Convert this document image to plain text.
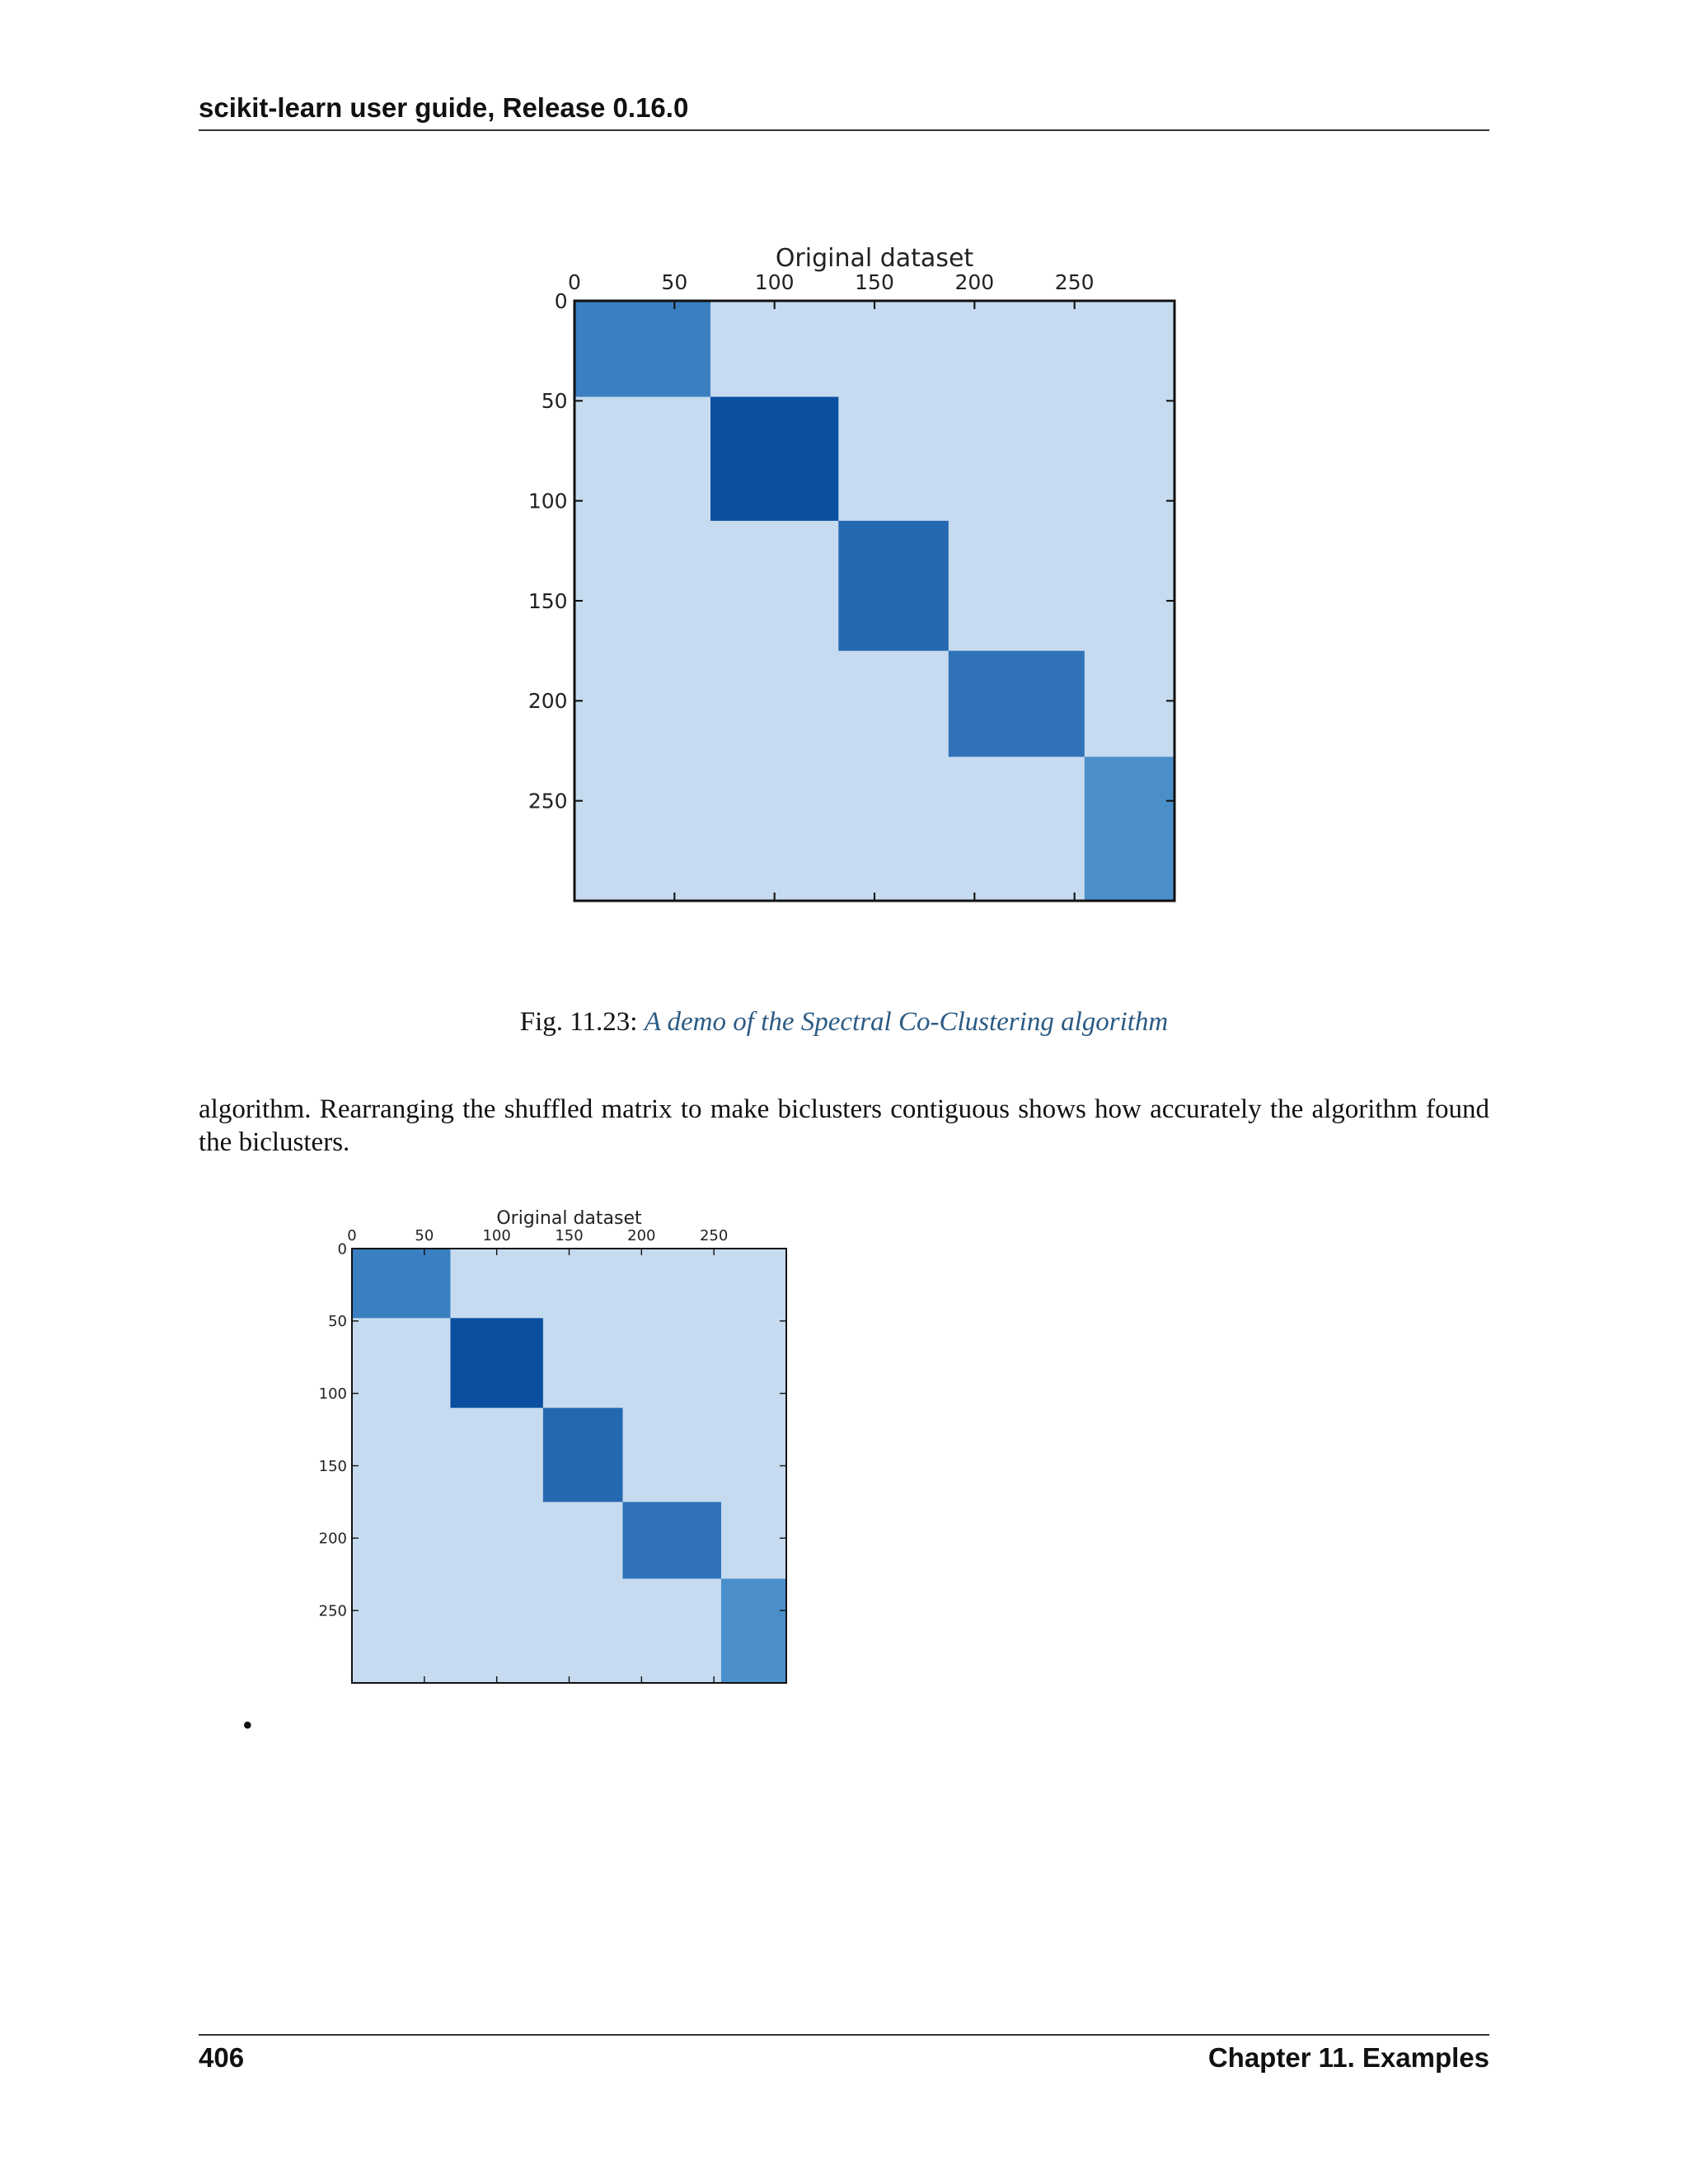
scikit-learn user guide, Release 0.16.0
0	50	100	150	200	250
0
50
100
150
200
250
Original dataset
Fig. 11.23: A demo of the Spectral Co-Clustering algorithm
algorithm. Rearranging the shuffled matrix to make biclusters contiguous shows how accurately the algorithm found the biclusters.
0	50	100	150	200	250
0
50
100
150
200
250
Original dataset
•
406	Chapter 11. Examples
